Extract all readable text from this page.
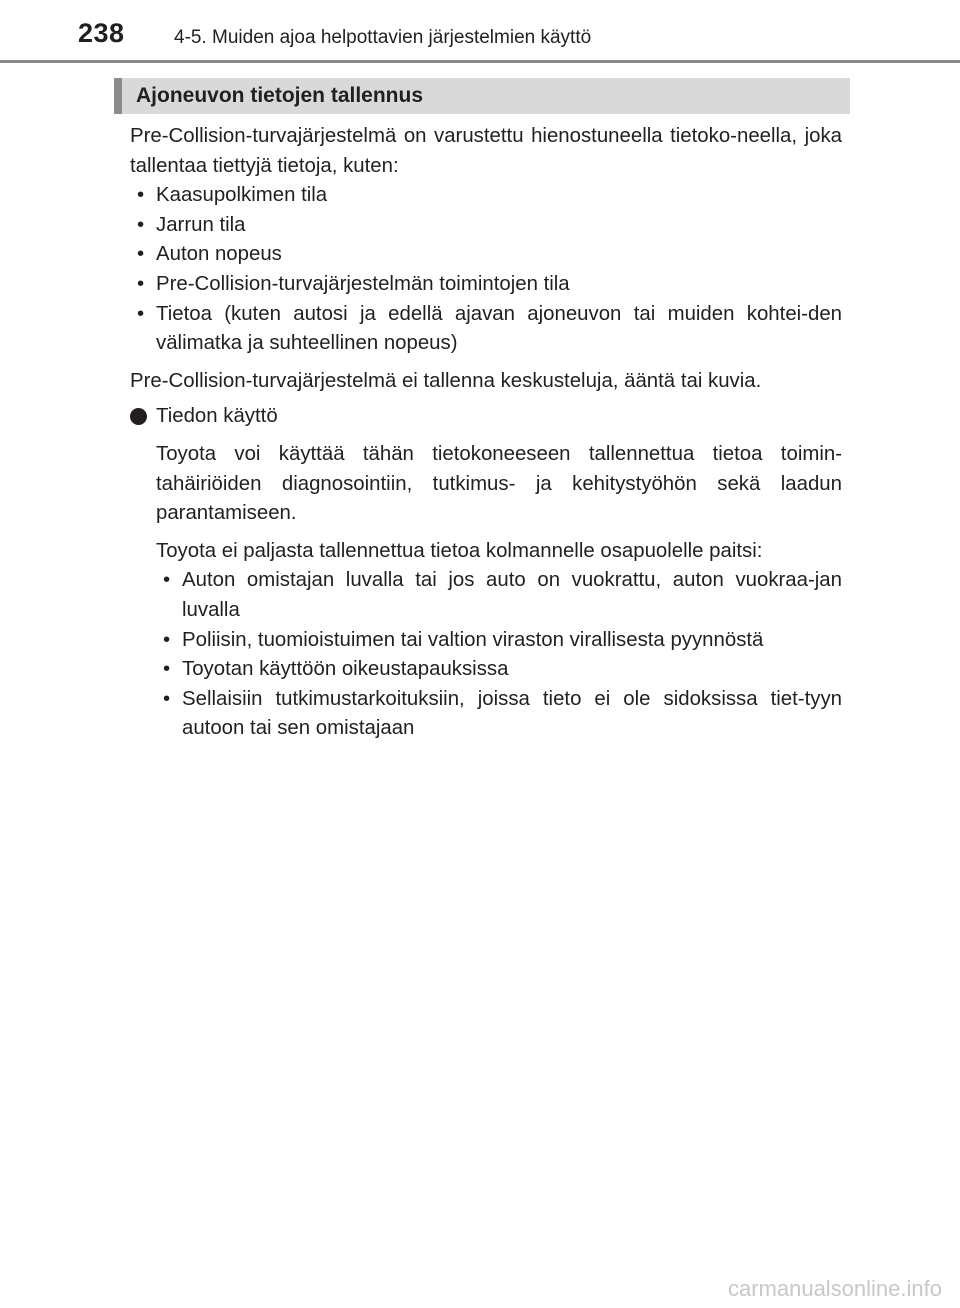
238	4-5. Muiden ajoa helpottavien järjestelmien käyttö
Ajoneuvon tietojen tallennus

Pre-Collision-turvajärjestelmä on varustettu hienostuneella tietoko-neella, joka tallentaa tiettyjä tietoja, kuten:

• Kaasupolkimen tila
• Jarrun tila
• Auton nopeus
• Pre-Collision-turvajärjestelmän toimintojen tila
• Tietoa (kuten autosi ja edellä ajavan ajoneuvon tai muiden kohtei-den välimatka ja suhteellinen nopeus)

Pre-Collision-turvajärjestelmä ei tallenna keskusteluja, ääntä tai kuvia.

Tiedon käyttö

Toyota voi käyttää tähän tietokoneeseen tallennettua tietoa toimin-tahäiriöiden diagnosointiin, tutkimus- ja kehitystyöhön sekä laadun parantamiseen.

Toyota ei paljasta tallennettua tietoa kolmannelle osapuolelle paitsi:

• Auton omistajan luvalla tai jos auto on vuokrattu, auton vuokraa-jan luvalla
• Poliisin, tuomioistuimen tai valtion viraston virallisesta pyynnöstä
• Toyotan käyttöön oikeustapauksissa
• Sellaisiin tutkimustarkoituksiin, joissa tieto ei ole sidoksissa tiet-tyyn autoon tai sen omistajaan
carmanualsonline.info
